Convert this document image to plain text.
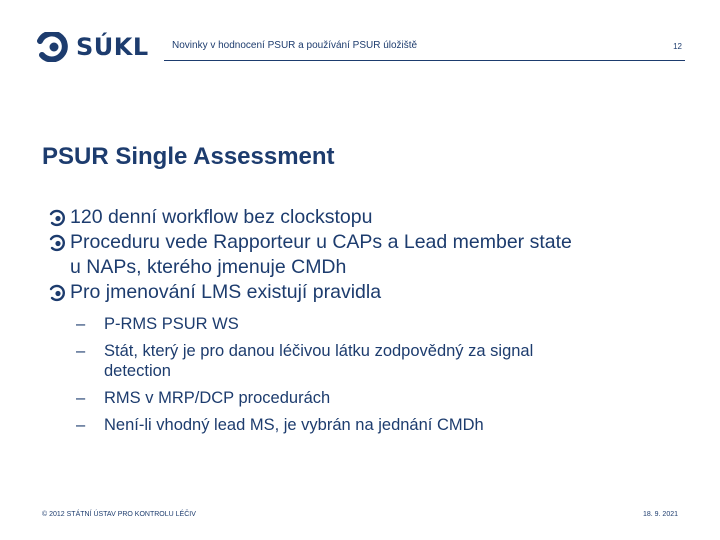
SÚKL Novinky v hodnocení PSUR a používání PSUR úložiště	12
PSUR Single Assessment
120 denní workflow bez clockstopu
Proceduru vede Rapporteur u CAPs a Lead member state
u NAPs, kterého jmenuje CMDh
Pro jmenování LMS existují pravidla
–	P-RMS PSUR WS
–	Stát, který je pro danou léčivou látku zodpovědný za signal
detection
–	RMS v MRP/DCP procedurách
–	Není-li vhodný lead MS, je vybrán na jednání CMDh
© 2012 STÁTNÍ ÚSTAV PRO KONTROLU LÉČIV	18. 9. 2021
